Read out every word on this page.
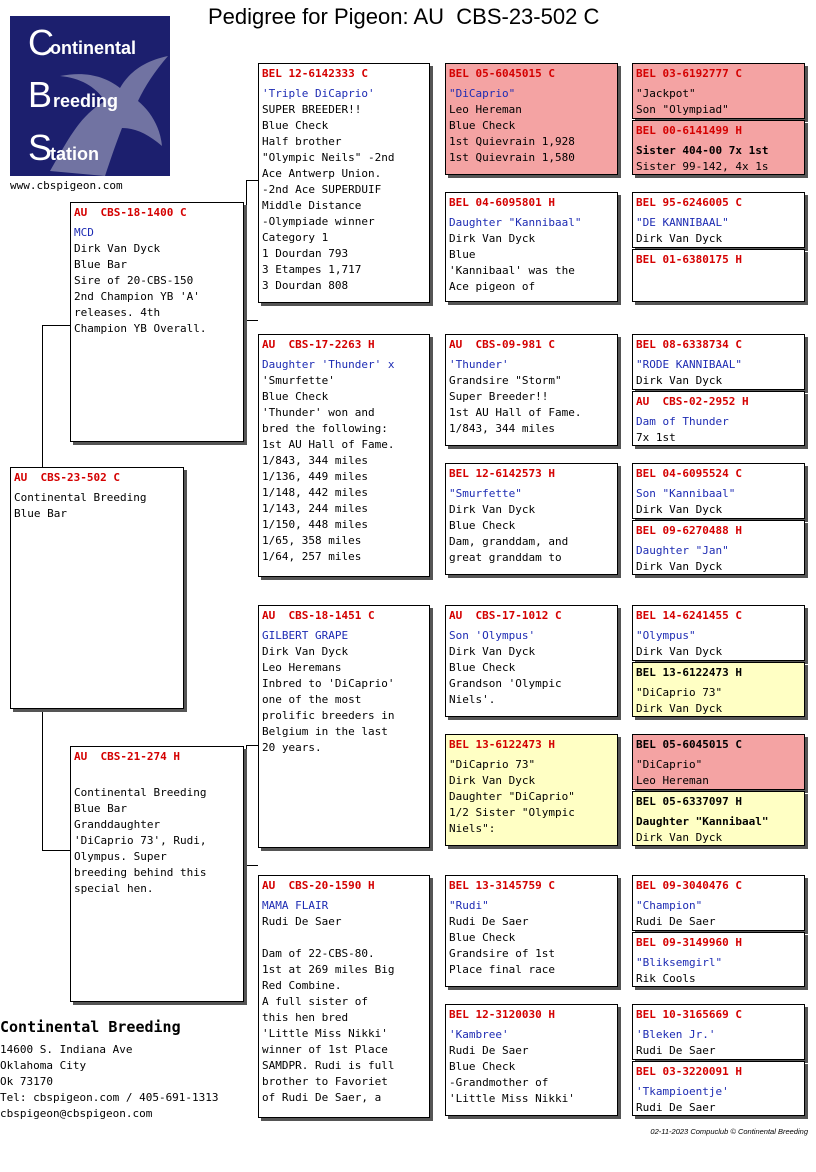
Pedigree for Pigeon: AU  CBS-23-502 C
C
ontinental
B reeding
S
tation
www.cbspigeon.com
AU  CBS-23-502 C
Continental Breeding
Blue Bar
AU  CBS-18-1400 C
MCD
Dirk Van Dyck
Blue Bar
Sire of 20-CBS-150
2nd Champion YB 'A'
releases. 4th
Champion YB Overall.
AU  CBS-21-274 H
Continental Breeding
Blue Bar
Granddaughter
'DiCaprio 73', Rudi,
Olympus. Super
breeding behind this
special hen.
BEL 12-6142333 C
'Triple DiCaprio'
SUPER BREEDER!!
Blue Check
Half brother
"Olympic Neils" -2nd
Ace Antwerp Union.
-2nd Ace SUPERDUIF
Middle Distance
-Olympiade winner
Category 1
1 Dourdan 793
3 Etampes 1,717
3 Dourdan 808
AU  CBS-17-2263 H
Daughter 'Thunder' x
'Smurfette'
Blue Check
'Thunder' won and
bred the following:
1st AU Hall of Fame.
1/843, 344 miles
1/136, 449 miles
1/148, 442 miles
1/143, 244 miles
1/150, 448 miles
1/65, 358 miles
1/64, 257 miles
AU  CBS-18-1451 C
GILBERT GRAPE
Dirk Van Dyck
Leo Heremans
Inbred to 'DiCaprio'
one of the most
prolific breeders in
Belgium in the last
20 years.
AU  CBS-20-1590 H
MAMA FLAIR
Rudi De Saer
Dam of 22-CBS-80.
1st at 269 miles Big
Red Combine.
A full sister of
this hen bred
'Little Miss Nikki'
winner of 1st Place
SAMDPR. Rudi is full
brother to Favoriet
of Rudi De Saer, a
BEL 05-6045015 C
"DiCaprio"
Leo Hereman
Blue Check
1st Quievrain 1,928
1st Quievrain 1,580
BEL 04-6095801 H
Daughter "Kannibaal"
Dirk Van Dyck
Blue
'Kannibaal' was the
Ace pigeon of
AU  CBS-09-981 C
'Thunder'
Grandsire "Storm"
Super Breeder!!
1st AU Hall of Fame.
1/843, 344 miles
BEL 12-6142573 H
"Smurfette"
Dirk Van Dyck
Blue Check
Dam, granddam, and
great granddam to
AU  CBS-17-1012 C
Son 'Olympus'
Dirk Van Dyck
Blue Check
Grandson 'Olympic
Niels'.
BEL 13-6122473 H
"DiCaprio 73"
Dirk Van Dyck
Daughter "DiCaprio"
1/2 Sister "Olympic
Niels":
BEL 13-3145759 C
"Rudi"
Rudi De Saer
Blue Check
Grandsire of 1st
Place final race
BEL 12-3120030 H
'Kambree'
Rudi De Saer
Blue Check
-Grandmother of
'Little Miss Nikki'
BEL 03-6192777 C
"Jackpot"
Son "Olympiad"
BEL 00-6141499 H
Sister 404-00 7x 1st
Sister 99-142, 4x 1s
BEL 95-6246005 C
"DE KANNIBAAL"
Dirk Van Dyck
BEL 01-6380175 H
BEL 08-6338734 C
"RODE KANNIBAAL"
Dirk Van Dyck
AU  CBS-02-2952 H
Dam of Thunder
7x 1st
BEL 04-6095524 C
Son "Kannibaal"
Dirk Van Dyck
BEL 09-6270488 H
Daughter "Jan"
Dirk Van Dyck
BEL 14-6241455 C
"Olympus"
Dirk Van Dyck
BEL 13-6122473 H
"DiCaprio 73"
Dirk Van Dyck
BEL 05-6045015 C
"DiCaprio"
Leo Hereman
BEL 05-6337097 H
Daughter "Kannibaal"
Dirk Van Dyck
BEL 09-3040476 C
"Champion"
Rudi De Saer
BEL 09-3149960 H
"Bliksemgirl"
Rik Cools
BEL 10-3165669 C
'Bleken Jr.'
Rudi De Saer
BEL 03-3220091 H
'Tkampioentje'
Rudi De Saer
Continental Breeding
14600 S. Indiana Ave
Oklahoma City
Ok 73170
Tel: cbspigeon.com / 405-691-1313
cbspigeon@cbspigeon.com
02-11-2023 Compuclub © Continental Breeding
